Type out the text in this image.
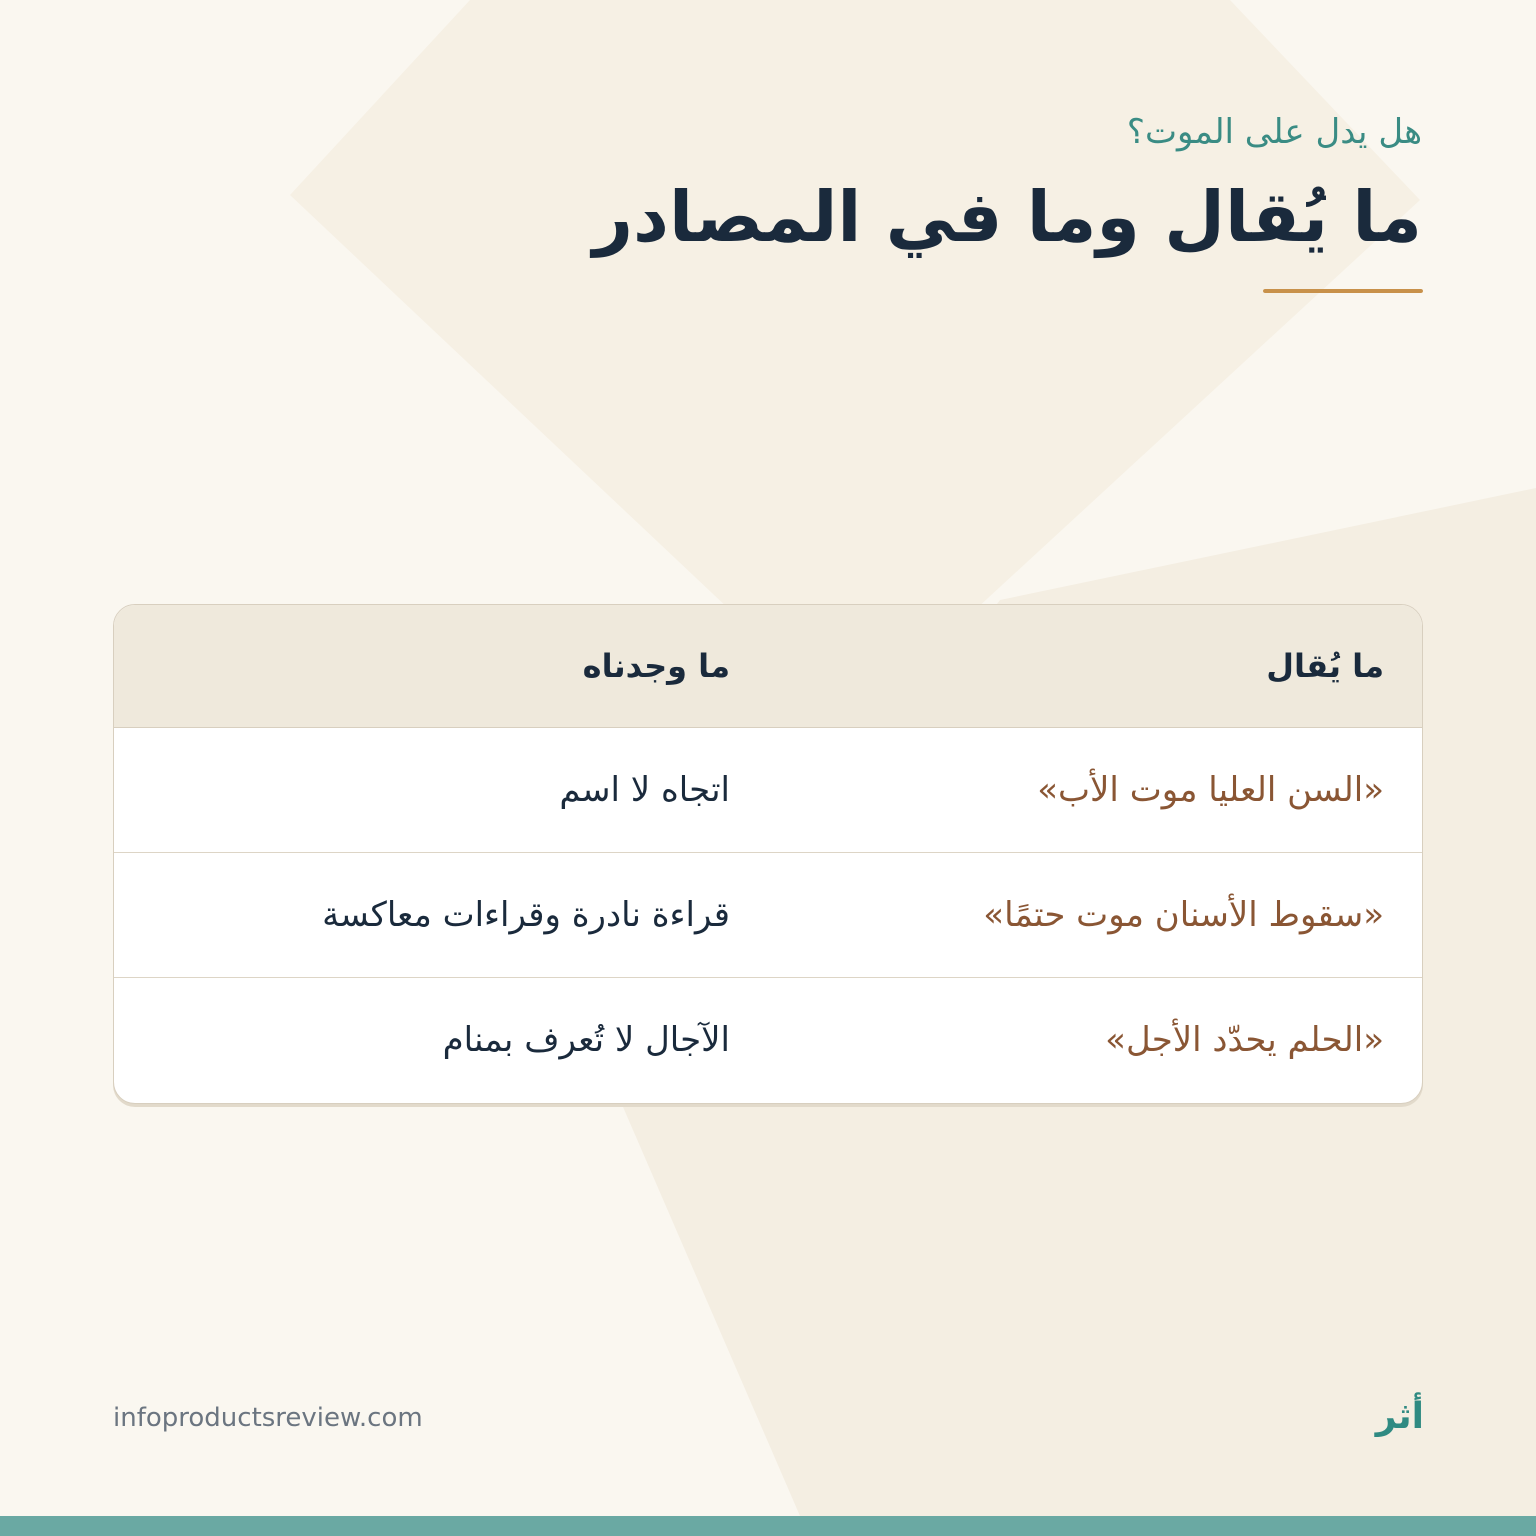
هل يدل على الموت؟

ما يُقال وما في المصادر
ما يُقال
ما وجدناه
«السن العليا موت الأب»
اتجاه لا اسم
«سقوط الأسنان موت حتمًا»
قراءة نادرة وقراءات معاكسة
«الحلم يحدّد الأجل»
الآجال لا تُعرف بمنام
infoproductsreview.com	أثر
